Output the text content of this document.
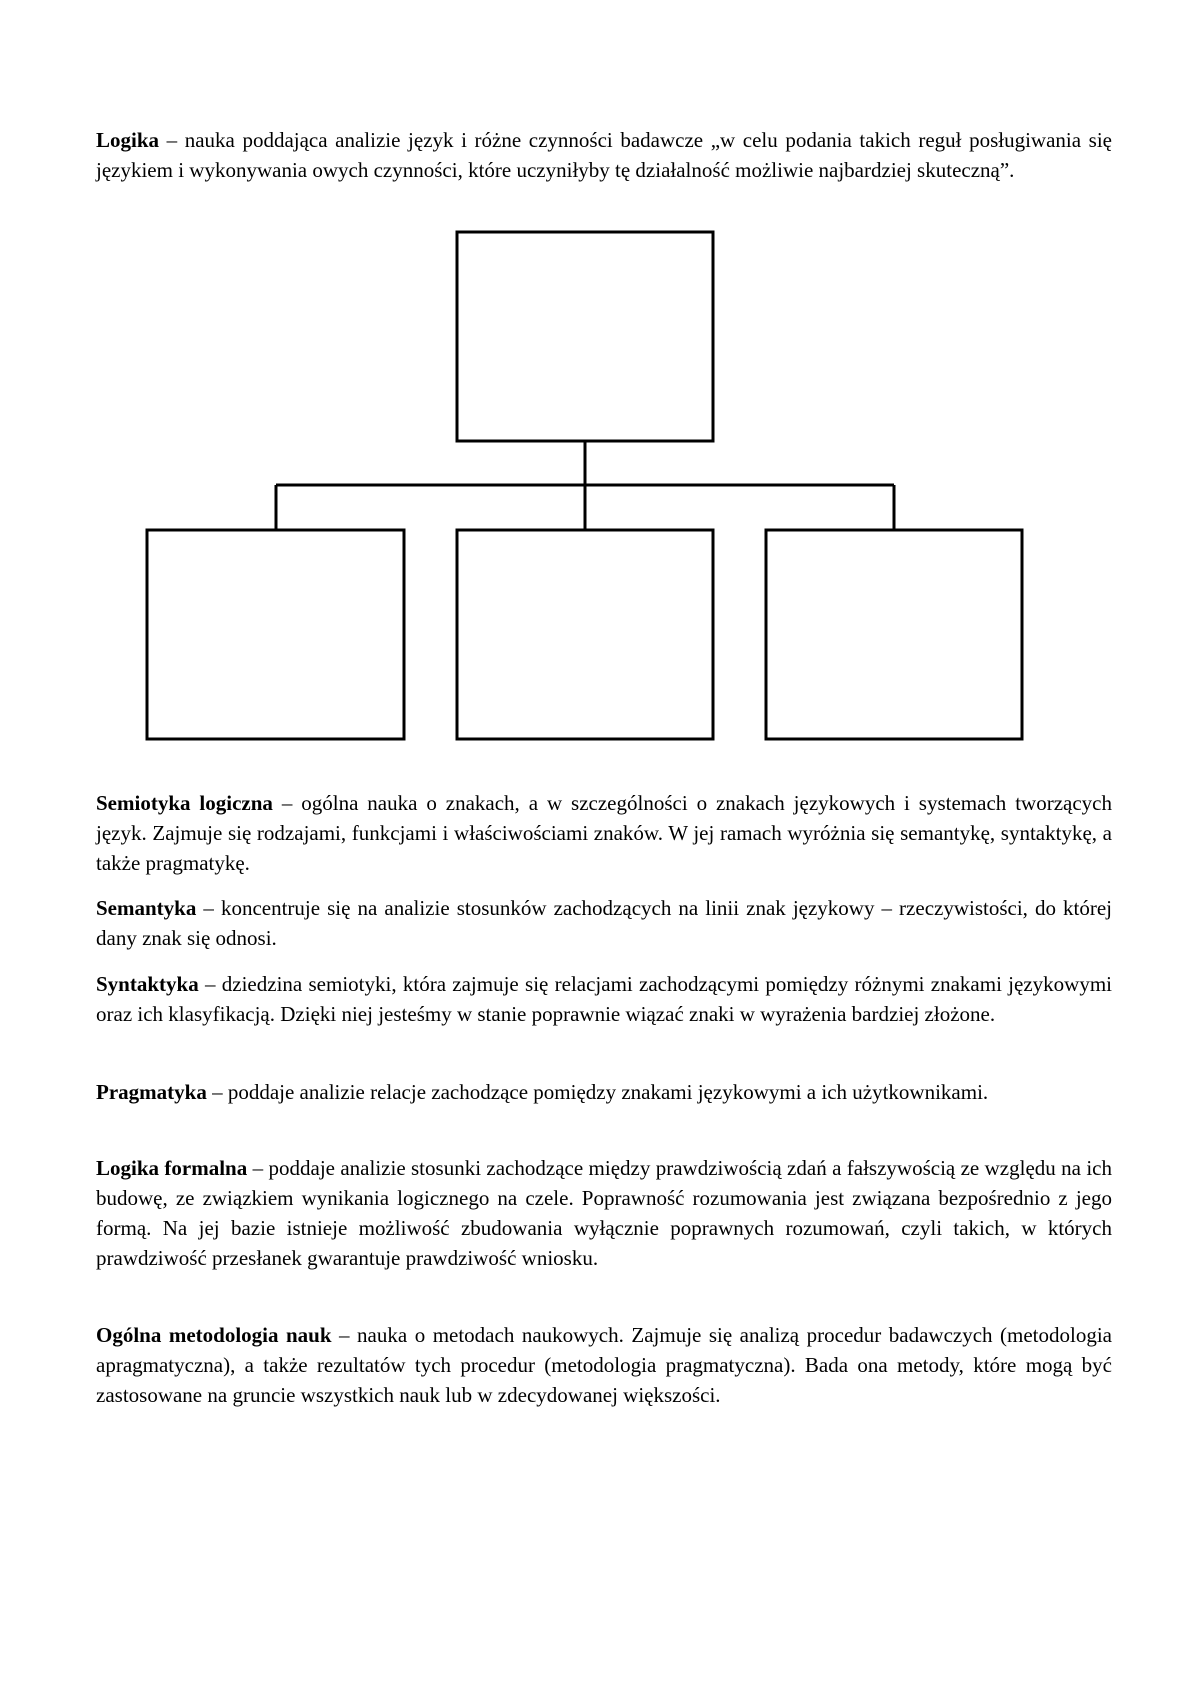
Logika – nauka poddająca analizie język i różne czynności badawcze „w celu podania takich reguł posługiwania się językiem i wykonywania owych czynności, które uczyniłyby tę działalność możliwie najbardziej skuteczną”.

Semiotyka logiczna – ogólna nauka o znakach, a w szczególności o znakach językowych i systemach tworzących język. Zajmuje się rodzajami, funkcjami i właściwościami znaków. W jej ramach wyróżnia się semantykę, syntaktykę, a także pragmatykę.

Semantyka – koncentruje się na analizie stosunków zachodzących na linii znak językowy – rzeczywistości, do której dany znak się odnosi.

Syntaktyka – dziedzina semiotyki, która zajmuje się relacjami zachodzącymi pomiędzy różnymi znakami językowymi oraz ich klasyfikacją. Dzięki niej jesteśmy w stanie poprawnie wiązać znaki w wyrażenia bardziej złożone.

Pragmatyka – poddaje analizie relacje zachodzące pomiędzy znakami językowymi a ich użytkownikami.

Logika formalna – poddaje analizie stosunki zachodzące między prawdziwością zdań a fałszywością ze względu na ich budowę, ze związkiem wynikania logicznego na czele. Poprawność rozumowania jest związana bezpośrednio z jego formą. Na jej bazie istnieje możliwość zbudowania wyłącznie poprawnych rozumowań, czyli takich, w których prawdziwość przesłanek gwarantuje prawdziwość wniosku.

Ogólna metodologia nauk – nauka o metodach naukowych. Zajmuje się analizą procedur badawczych (metodologia apragmatyczna), a także rezultatów tych procedur (metodologia pragmatyczna). Bada ona metody, które mogą być zastosowane na gruncie wszystkich nauk lub w zdecydowanej większości.
